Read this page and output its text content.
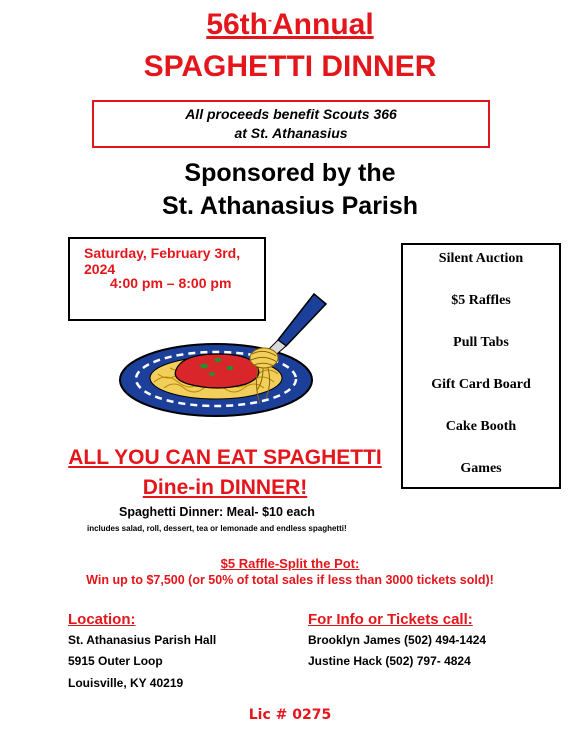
56th-Annual
SPAGHETTI DINNER
All proceeds benefit Scouts 366
at St. Athanasius
Sponsored by the
St. Athanasius Parish
Saturday, February 3rd, 2024
4:00 pm – 8:00 pm
Silent Auction
$5 Raffles
Pull Tabs
Gift Card Board
Cake Booth
Games
ALL YOU CAN EAT SPAGHETTI
Dine-in DINNER!
Spaghetti Dinner: Meal- $10 each
includes salad, roll, dessert, tea or lemonade and endless spaghetti!
$5 Raffle-Split the Pot:
Win up to $7,500 (or 50% of total sales if less than 3000 tickets sold)!
Location:
St. Athanasius Parish Hall
5915 Outer Loop
Louisville, KY 40219
For Info or Tickets call:
Brooklyn James (502) 494-1424
Justine Hack (502) 797- 4824
Lic # 0275
